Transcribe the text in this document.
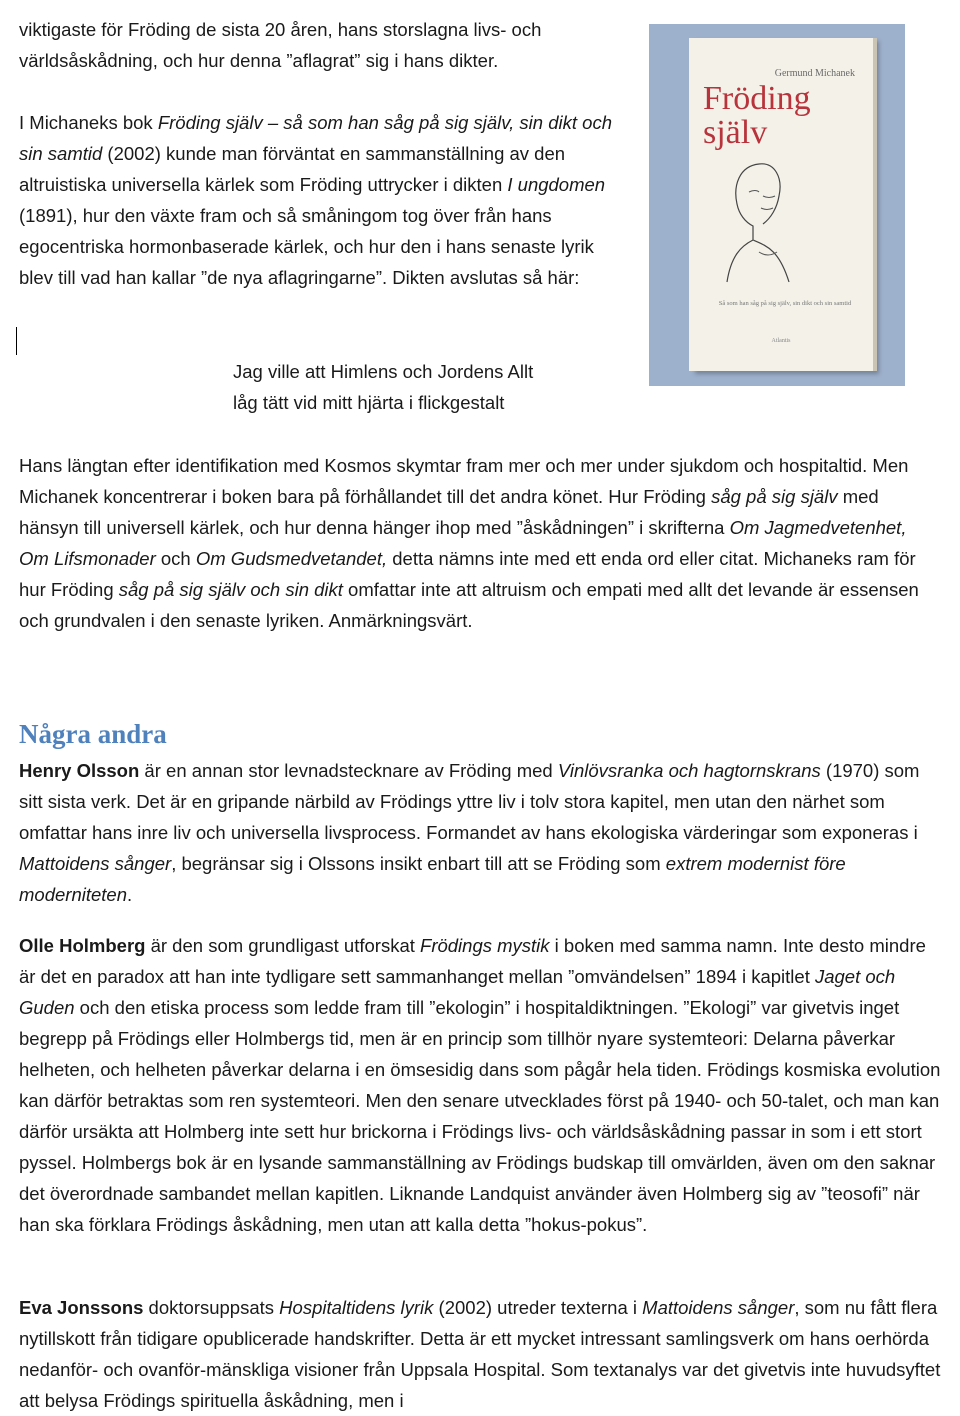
viktigaste för Fröding de sista 20 åren, hans storslagna livs- och
världsåskådning, och hur denna ”aflagrat” sig i hans dikter.

I Michaneks bok Fröding själv – så som han såg på sig själv, sin dikt och sin samtid (2002) kunde man förväntat en sammanställning av den altruistiska universella kärlek som Fröding uttrycker i dikten I ungdomen (1891), hur den växte fram och så småningom tog över från hans egocentriska hormonbaserade kärlek, och hur den i hans senaste lyrik blev till vad han kallar ”de nya aflagringarne”. Dikten avslutas så här:

Jag ville att Himlens och Jordens Allt
låg tätt vid mitt hjärta i flickgestalt

Germund Michanek
Fröding
själv
Så som han såg på sig själv, sin dikt och sin samtid
Atlantis

Hans längtan efter identifikation med Kosmos skymtar fram mer och mer under sjukdom och hospitaltid. Men Michanek koncentrerar i boken bara på förhållandet till det andra könet. Hur Fröding såg på sig själv med hänsyn till universell kärlek, och hur denna hänger ihop med ”åskådningen” i skrifterna Om Jagmedvetenhet, Om Lifsmonader och Om Gudsmedvetandet, detta nämns inte med ett enda ord eller citat. Michaneks ram för hur Fröding såg på sig själv och sin dikt omfattar inte att altruism och empati med allt det levande är essensen och grundvalen i den senaste lyriken. Anmärkningsvärt.

Några andra

Henry Olsson är en annan stor levnadstecknare av Fröding med Vinlövsranka och hagtornskrans (1970) som sitt sista verk. Det är en gripande närbild av Frödings yttre liv i tolv stora kapitel, men utan den närhet som omfattar hans inre liv och universella livsprocess. Formandet av hans ekologiska värderingar som exponeras i Mattoidens sånger, begränsar sig i Olssons insikt enbart till att se Fröding som extrem modernist före moderniteten.

Olle Holmberg är den som grundligast utforskat Frödings mystik i boken med samma namn. Inte desto mindre är det en paradox att han inte tydligare sett sammanhanget mellan ”omvändelsen” 1894 i kapitlet Jaget och Guden och den etiska process som ledde fram till ”ekologin” i hospitaldiktningen. ”Ekologi” var givetvis inget begrepp på Frödings eller Holmbergs tid, men är en princip som tillhör nyare systemteori: Delarna påverkar helheten, och helheten påverkar delarna i en ömsesidig dans som pågår hela tiden. Frödings kosmiska evolution kan därför betraktas som ren systemteori. Men den senare utvecklades först på 1940- och 50-talet, och man kan därför ursäkta att Holmberg inte sett hur brickorna i Frödings livs- och världsåskådning passar in som i ett stort pyssel. Holmbergs bok är en lysande sammanställning av Frödings budskap till omvärlden, även om den saknar det överordnade sambandet mellan kapitlen. Liknande Landquist använder även Holmberg sig av ”teosofi” när han ska förklara Frödings åskådning, men utan att kalla detta ”hokus-pokus”.

Eva Jonssons doktorsuppsats Hospitaltidens lyrik (2002) utreder texterna i Mattoidens sånger, som nu fått flera nytillskott från tidigare opublicerade handskrifter. Detta är ett mycket intressant samlingsverk om hans oerhörda nedanför- och ovanför-mänskliga visioner från Uppsala Hospital. Som textanalys var det givetvis inte huvudsyftet att belysa Frödings spirituella åskådning, men i
